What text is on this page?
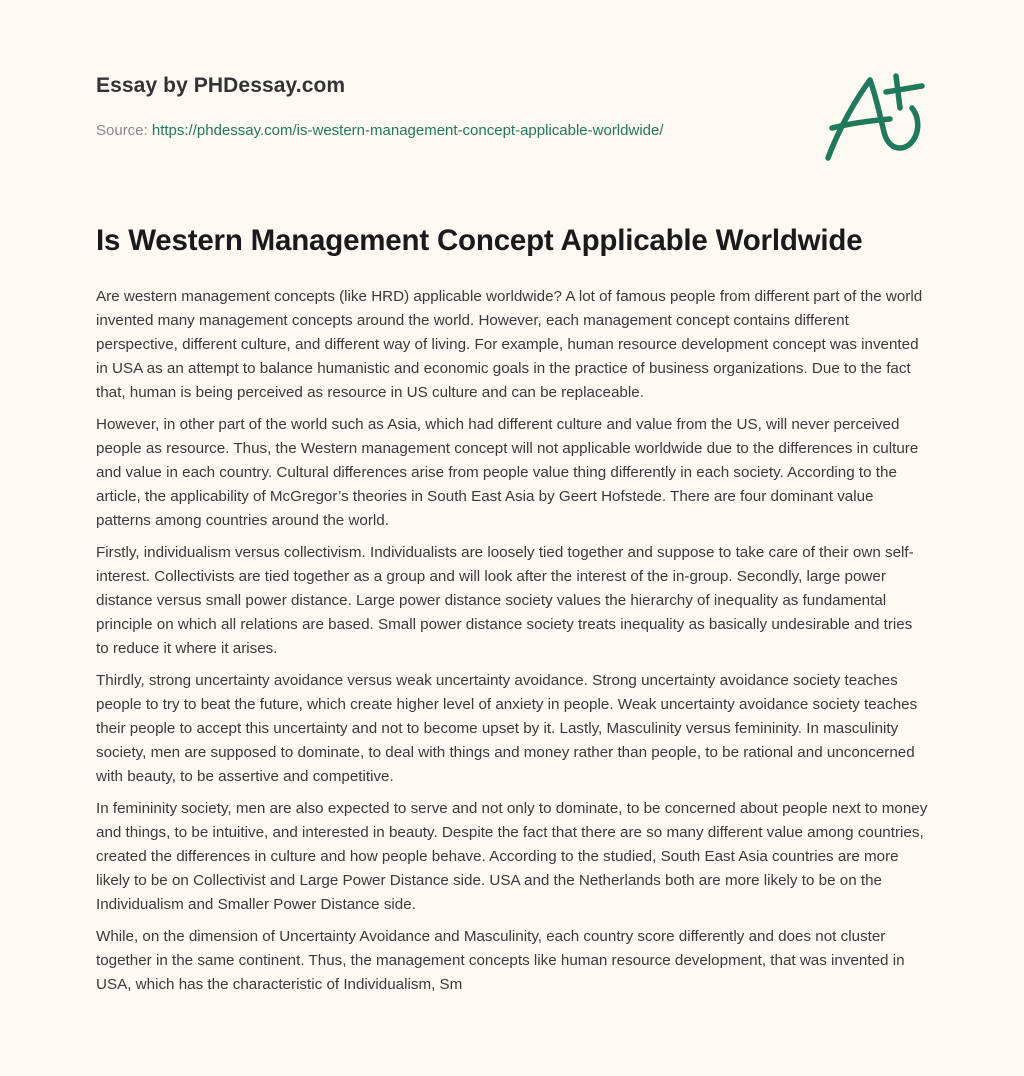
Essay by PHDessay.com
Source: https://phdessay.com/is-western-management-concept-applicable-worldwide/
Is Western Management Concept Applicable Worldwide

Are western management concepts (like HRD) applicable worldwide? A lot of famous people from different part of the world invented many management concepts around the world. However, each management concept contains different perspective, different culture, and different way of living. For example, human resource development concept was invented in USA as an attempt to balance humanistic and economic goals in the practice of business organizations. Due to the fact that, human is being perceived as resource in US culture and can be replaceable.

However, in other part of the world such as Asia, which had different culture and value from the US, will never perceived people as resource. Thus, the Western management concept will not applicable worldwide due to the differences in culture and value in each country. Cultural differences arise from people value thing differently in each society. According to the article, the applicability of McGregor’s theories in South East Asia by Geert Hofstede. There are four dominant value patterns among countries around the world.

Firstly, individualism versus collectivism. Individualists are loosely tied together and suppose to take care of their own self-interest. Collectivists are tied together as a group and will look after the interest of the in-group. Secondly, large power distance versus small power distance. Large power distance society values the hierarchy of inequality as fundamental principle on which all relations are based. Small power distance society treats inequality as basically undesirable and tries to reduce it where it arises.

Thirdly, strong uncertainty avoidance versus weak uncertainty avoidance. Strong uncertainty avoidance society teaches people to try to beat the future, which create higher level of anxiety in people. Weak uncertainty avoidance society teaches their people to accept this uncertainty and not to become upset by it. Lastly, Masculinity versus femininity. In masculinity society, men are supposed to dominate, to deal with things and money rather than people, to be rational and unconcerned with beauty, to be assertive and competitive.

In femininity society, men are also expected to serve and not only to dominate, to be concerned about people next to money and things, to be intuitive, and interested in beauty. Despite the fact that there are so many different value among countries, created the differences in culture and how people behave. According to the studied, South East Asia countries are more likely to be on Collectivist and Large Power Distance side. USA and the Netherlands both are more likely to be on the Individualism and Smaller Power Distance side.

While, on the dimension of Uncertainty Avoidance and Masculinity, each country score differently and does not cluster together in the same continent. Thus, the management concepts like human resource development, that was invented in USA, which has the characteristic of Individualism, Sm
